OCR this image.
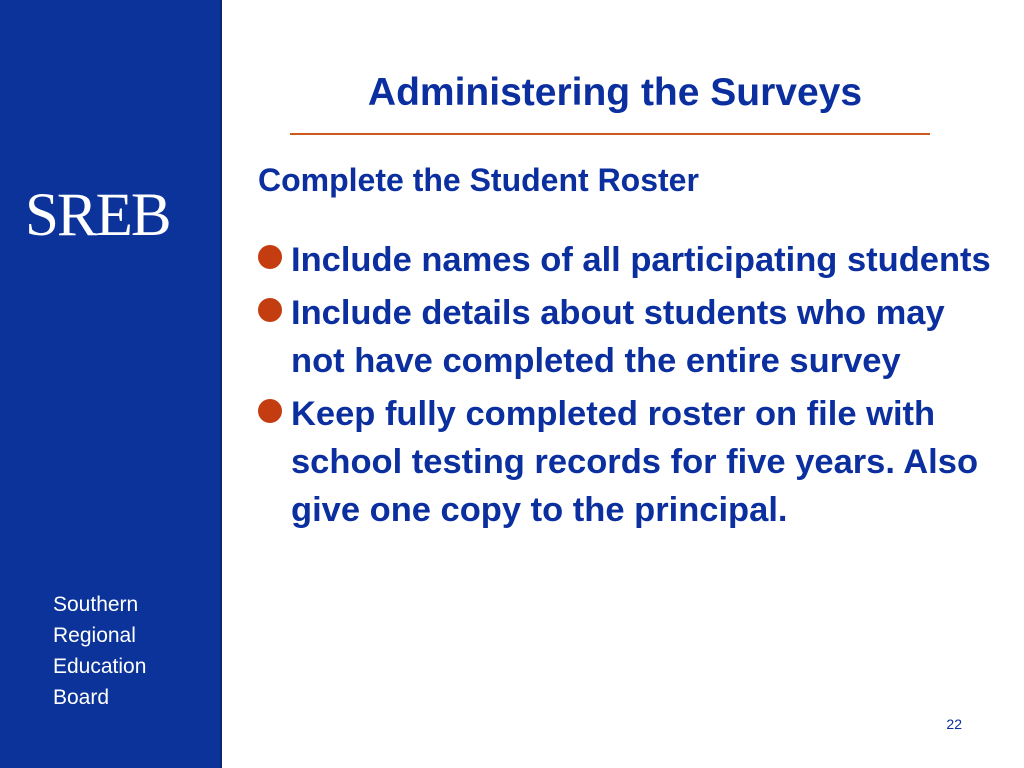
SREB
Southern
Regional
Education
Board
Administering the Surveys
Complete the Student Roster
Include names of all participating students
Include details about students who may not have completed the entire survey
Keep fully completed roster on file with school testing records for five years. Also give one copy to the principal.
22
